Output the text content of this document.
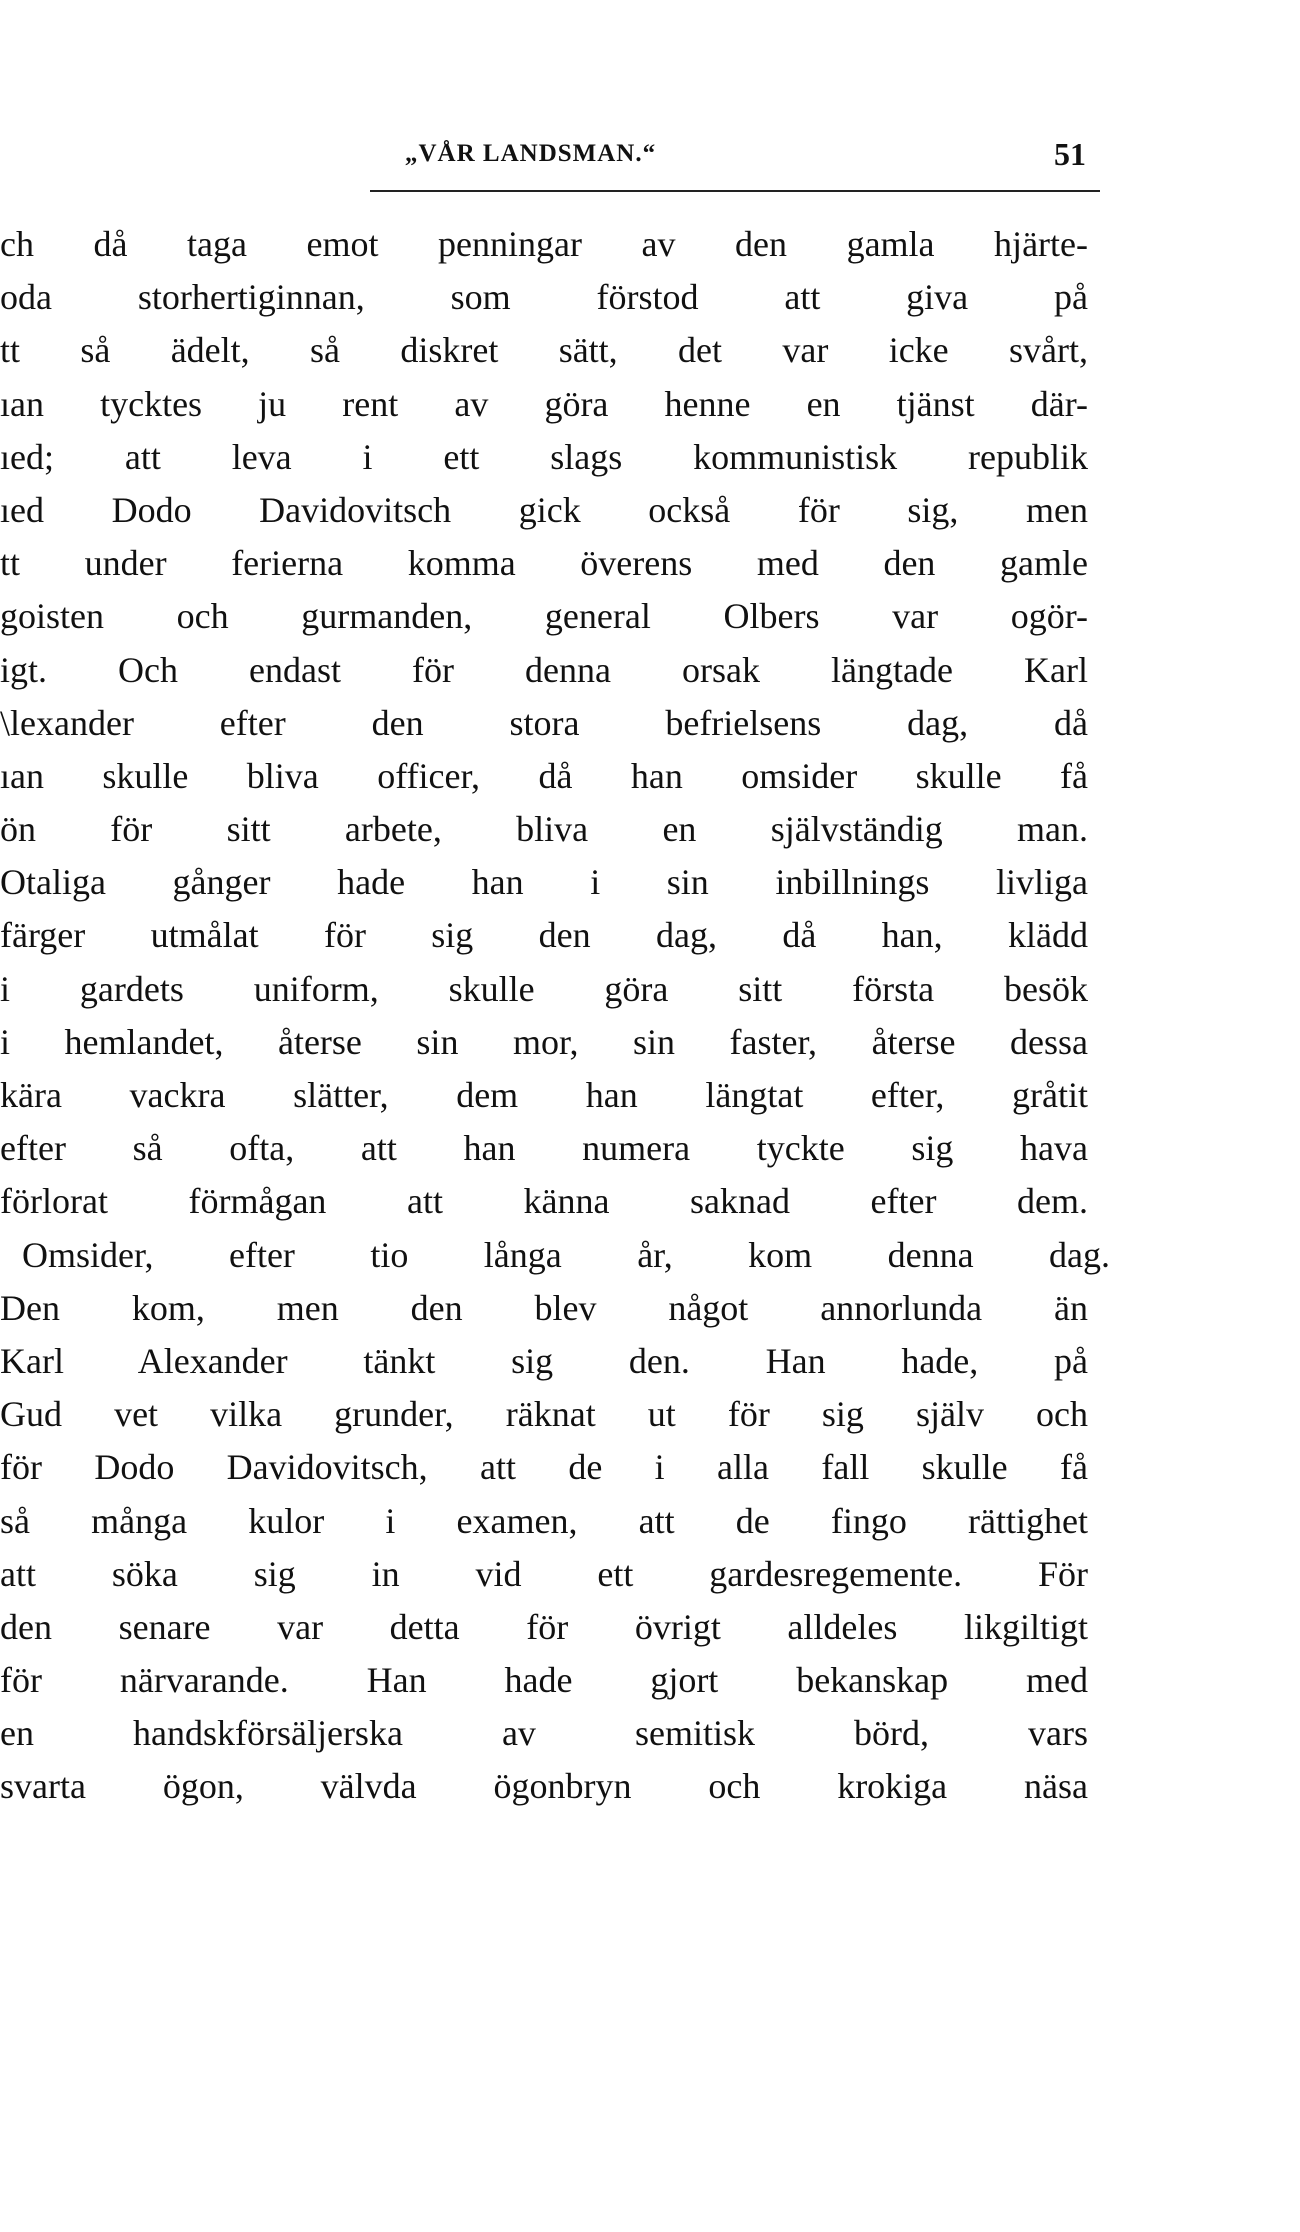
„VÅR LANDSMAN.“	51
ch då taga emot penningar av den gamla hjärte-
oda storhertiginnan, som förstod att giva på
tt så ädelt, så diskret sätt, det var icke svårt,
ıan tycktes ju rent av göra henne en tjänst där-
ıed; att leva i ett slags kommunistisk republik
ıed Dodo Davidovitsch gick också för sig, men
tt under ferierna komma överens med den gamle
goisten och gurmanden, general Olbers var ogör-
igt. Och endast för denna orsak längtade Karl
\lexander efter den stora befrielsens dag, då
ıan skulle bliva officer, då han omsider skulle få
ön för sitt arbete, bliva en självständig man.
Otaliga gånger hade han i sin inbillnings livliga
färger utmålat för sig den dag, då han, klädd
i gardets uniform, skulle göra sitt första besök
i hemlandet, återse sin mor, sin faster, återse dessa
kära vackra slätter, dem han längtat efter, gråtit
efter så ofta, att han numera tyckte sig hava
förlorat förmågan att känna saknad efter dem.
Omsider, efter tio långa år, kom denna dag.
Den kom, men den blev något annorlunda än
Karl Alexander tänkt sig den. Han hade, på
Gud vet vilka grunder, räknat ut för sig själv och
för Dodo Davidovitsch, att de i alla fall skulle få
så många kulor i examen, att de fingo rättighet
att söka sig in vid ett gardesregemente. För
den senare var detta för övrigt alldeles likgiltigt
för närvarande. Han hade gjort bekanskap med
en handskförsäljerska av semitisk börd, vars
svarta ögon, välvda ögonbryn och krokiga näsa
